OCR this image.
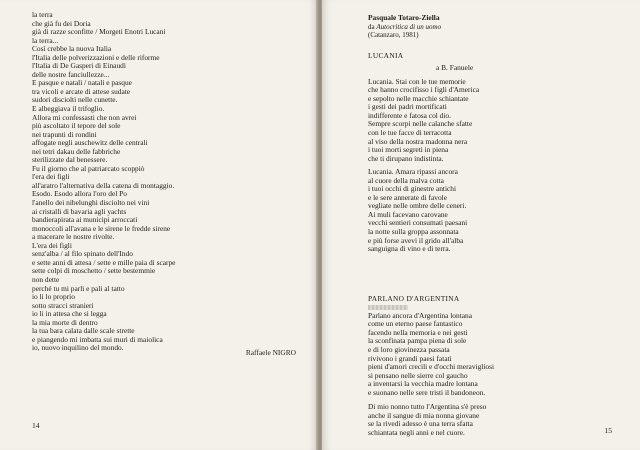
la terra
che già fu dei Doria
già di razze sconfitte / Morgeti Enotri Lucani
la terra...
Così crebbe la nuova Italia
l'Italia delle polverizzazioni e delle riforme
l'Italia di De Gasperi di Einaudi
delle nostre fanciullezze...
E pasque e natali / natali e pasque
tra vicoli e arcate di attese sudate
sudori disciolti nelle cunette.
E albeggiava il trifoglio.
Allora mi confessasti che non avrei
più ascoltato il tepore del sole
nei trapunti di rondini
affogate negli auschewitz delle centrali
nei tetri dakau delle fabbriche
sterilizzate dal benessere.
Fu il giorno che al patriarcato scoppiò
l'era dei figli
all'aratro l'alternativa della catena di montaggio.
Esodo. Esodo allora l'oro del Po
l'anello dei nibelunghi disciolto nei vini
ai cristalli di bavaria agli yachts
bandierapirata ai municipi arroccati
monoccoli all'avana e le sirene le fredde sirene
a macerare le nostre rivolte.
L'era dei figli
senz'alba / al filo spinato dell'Indo
e sette anni di attesa / sette e mille paia di scarpe
sette colpi di moschetto / sette bestemmie
non dette
perché tu mi parli e pali al tatto
io li lo proprio
sotto stracci stranieri
io li in attesa che si legga
la mia morte di dentro
la tua bara calata dalle scale strette
e piangendo mi imbatta sui muri di maiolica
io, nuovo inquilino del mondo.
Raffaele NIGRO
14
Pasquale Totaro-Ziella
da Autocritica di un uomo
(Catanzaro, 1981)
LUCANIA
a B. Fanuele
Lucania. Stai con le tue memorie
che hanno crocifisso i figli d'America
e sepolto nelle macchie schiantate
i gesti dei padri mortificati
indifferente e fatosa col dio.
Sempre scorpi nelle calanche sfatte
con le tue facce di terracotta
al viso della nostra madonna nera
i tuoi morti segreti in piena
che ti dirupano indistinta.
Lucania. Amara ripassi ancora
al cuore della malva cotta
i tuoi occhi di ginestre antichi
e le sere annerate di favole
vegliate nelle ombre delle ceneri.
Ai muli facevano carovane
vecchi sentieri consumati paesani
la notte sulla groppa assonnata
e più forse avevi il grido all'alba
sanguigna di vino e di terra.
PARLANO D'ARGENTINA
Parlano ancora d'Argentina lontana
come un eterno paese fantastico
facendo nella memoria e nei gesti
la sconfinata pampa piena di sole
e di loro giovinezza passata
rivivono i grandi paesi fatati
pieni d'amori crecili e d'occhi meravigliosi
si pensano nelle sierre col gaucho
a inventarsi la vecchia madre lontana
e suonano nelle sere tristi il bandoneon.
Di mio nonno tutto l'Argentina s'è preso
anche il sangue di mia nonna giovane
se la rivedi adesso è una terra sfatta
schiantata negli anni e nel cuore.	15
